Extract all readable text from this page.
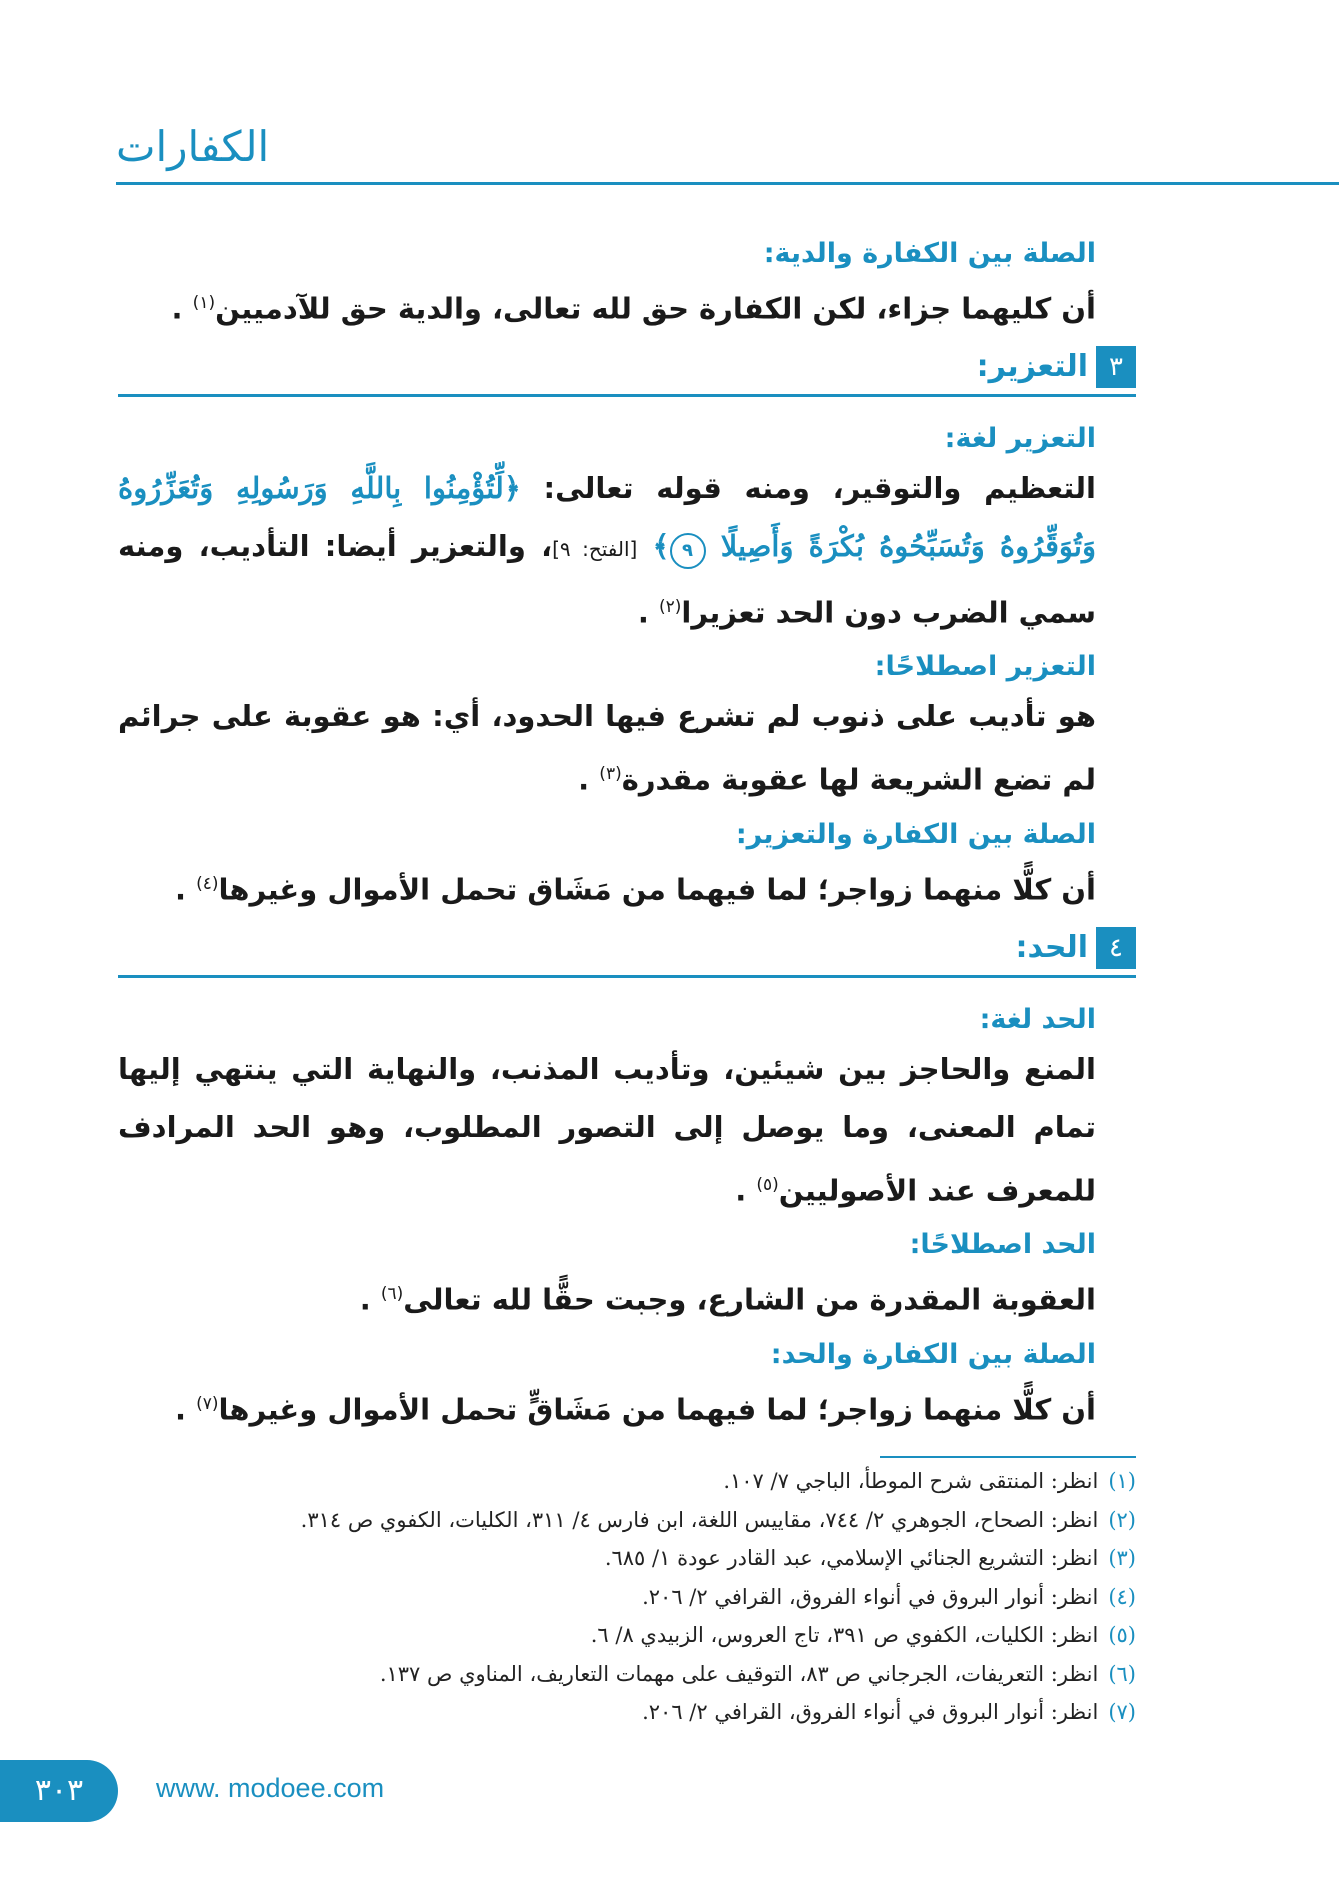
الكفارات
الصلة بين الكفارة والدية:
أن كليهما جزاء، لكن الكفارة حق لله تعالى، والدية حق للآدميين$^{(١)}$ .
٣
التعزير:
التعزير لغة:
التعظيم والتوقير، ومنه قوله تعالى: ﴿لِّتُؤْمِنُوا بِاللَّهِ وَرَسُولِهِ وَتُعَزِّرُوهُ وَتُوَقِّرُوهُ وَتُسَبِّحُوهُ بُكْرَةً وَأَصِيلًا ٩﴾ [الفتح: ٩]، والتعزير أيضا: التأديب، ومنه سمي الضرب دون الحد تعزيرا$^{(٢)}$ .
التعزير اصطلاحًا:
هو تأديب على ذنوب لم تشرع فيها الحدود، أي: هو عقوبة على جرائم لم تضع الشريعة لها عقوبة مقدرة$^{(٣)}$ .
الصلة بين الكفارة والتعزير:
أن كلًّا منهما زواجر؛ لما فيهما من مَشَاق تحمل الأموال وغيرها$^{(٤)}$ .
٤
الحد:
الحد لغة:
المنع والحاجز بين شيئين، وتأديب المذنب، والنهاية التي ينتهي إليها تمام المعنى، وما يوصل إلى التصور المطلوب، وهو الحد المرادف للمعرف عند الأصوليين$^{(٥)}$ .
الحد اصطلاحًا:
العقوبة المقدرة من الشارع، وجبت حقًّا لله تعالى$^{(٦)}$ .
الصلة بين الكفارة والحد:
أن كلًّا منهما زواجر؛ لما فيهما من مَشَاقٍّ تحمل الأموال وغيرها$^{(٧)}$ .
(١)انظر: المنتقى شرح الموطأ، الباجي ٧/ ١٠٧.
(٢)انظر: الصحاح، الجوهري ٢/ ٧٤٤، مقاييس اللغة، ابن فارس ٤/ ٣١١، الكليات، الكفوي ص ٣١٤.
(٣)انظر: التشريع الجنائي الإسلامي، عبد القادر عودة ١/ ٦٨٥.
(٤)انظر: أنوار البروق في أنواء الفروق، القرافي ٢/ ٢٠٦.
(٥)انظر: الكليات، الكفوي ص ٣٩١، تاج العروس، الزبيدي ٨/ ٦.
(٦)انظر: التعريفات، الجرجاني ص ٨٣، التوقيف على مهمات التعاريف، المناوي ص ١٣٧.
(٧)انظر: أنوار البروق في أنواء الفروق، القرافي ٢/ ٢٠٦.
٣٠٣	www. modoee.com
